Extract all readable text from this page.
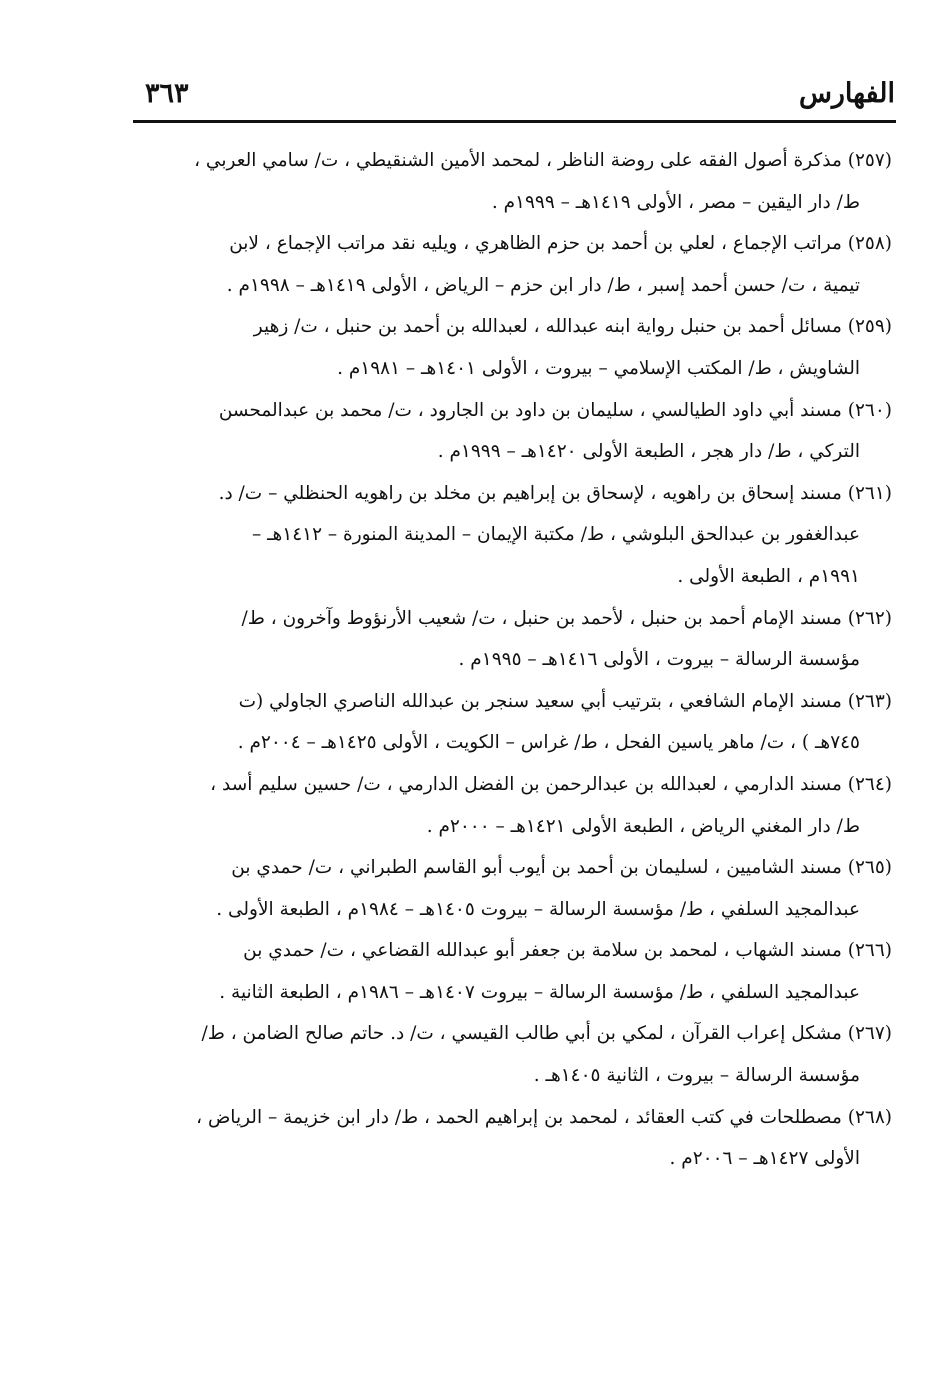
الفهارس
٣٦٣
(٢٥٧) مذكرة أصول الفقه على روضة الناظر ، لمحمد الأمين الشنقيطي ، ت/ سامي العربي ،
ط/ دار اليقين – مصر ، الأولى ١٤١٩هـ – ١٩٩٩م .
(٢٥٨) مراتب الإجماع ، لعلي بن أحمد بن حزم الظاهري ، ويليه نقد مراتب الإجماع ، لابن
تيمية ، ت/ حسن أحمد إسبر ، ط/ دار ابن حزم – الرياض ، الأولى ١٤١٩هـ – ١٩٩٨م .
(٢٥٩) مسائل أحمد بن حنبل رواية ابنه عبدالله ، لعبدالله بن أحمد بن حنبل ، ت/ زهير
الشاويش ، ط/ المكتب الإسلامي – بيروت ، الأولى ١٤٠١هـ – ١٩٨١م .
(٢٦٠) مسند أبي داود الطيالسي ، سليمان بن داود بن الجارود ، ت/ محمد بن عبدالمحسن
التركي ، ط/ دار هجر ، الطبعة الأولى ١٤٢٠هـ – ١٩٩٩م .
(٢٦١) مسند إسحاق بن راهويه ، لإسحاق بن إبراهيم بن مخلد بن راهويه الحنظلي – ت/ د.
عبدالغفور بن عبدالحق البلوشي ، ط/ مكتبة الإيمان – المدينة المنورة – ١٤١٢هـ –
١٩٩١م ، الطبعة الأولى .
(٢٦٢) مسند الإمام أحمد بن حنبل ، لأحمد بن حنبل ، ت/ شعيب الأرنؤوط وآخرون ، ط/
مؤسسة الرسالة – بيروت ، الأولى ١٤١٦هـ – ١٩٩٥م .
(٢٦٣) مسند الإمام الشافعي ، بترتيب أبي سعيد سنجر بن عبدالله الناصري الجاولي (ت
٧٤٥هـ ) ، ت/ ماهر ياسين الفحل ، ط/ غراس – الكويت ، الأولى ١٤٢٥هـ – ٢٠٠٤م .
(٢٦٤) مسند الدارمي ، لعبدالله بن عبدالرحمن بن الفضل الدارمي ، ت/ حسين سليم أسد ،
ط/ دار المغني الرياض ، الطبعة الأولى ١٤٢١هـ – ٢٠٠٠م .
(٢٦٥) مسند الشاميين ، لسليمان بن أحمد بن أيوب أبو القاسم الطبراني ، ت/ حمدي بن
عبدالمجيد السلفي ، ط/ مؤسسة الرسالة – بيروت ١٤٠٥هـ – ١٩٨٤م ، الطبعة الأولى .
(٢٦٦) مسند الشهاب ، لمحمد بن سلامة بن جعفر أبو عبدالله القضاعي ، ت/ حمدي بن
عبدالمجيد السلفي ، ط/ مؤسسة الرسالة – بيروت ١٤٠٧هـ – ١٩٨٦م ، الطبعة الثانية .
(٢٦٧) مشكل إعراب القرآن ، لمكي بن أبي طالب القيسي ، ت/ د. حاتم صالح الضامن ، ط/
مؤسسة الرسالة – بيروت ، الثانية ١٤٠٥هـ .
(٢٦٨) مصطلحات في كتب العقائد ، لمحمد بن إبراهيم الحمد ، ط/ دار ابن خزيمة – الرياض ،
الأولى ١٤٢٧هـ – ٢٠٠٦م .
